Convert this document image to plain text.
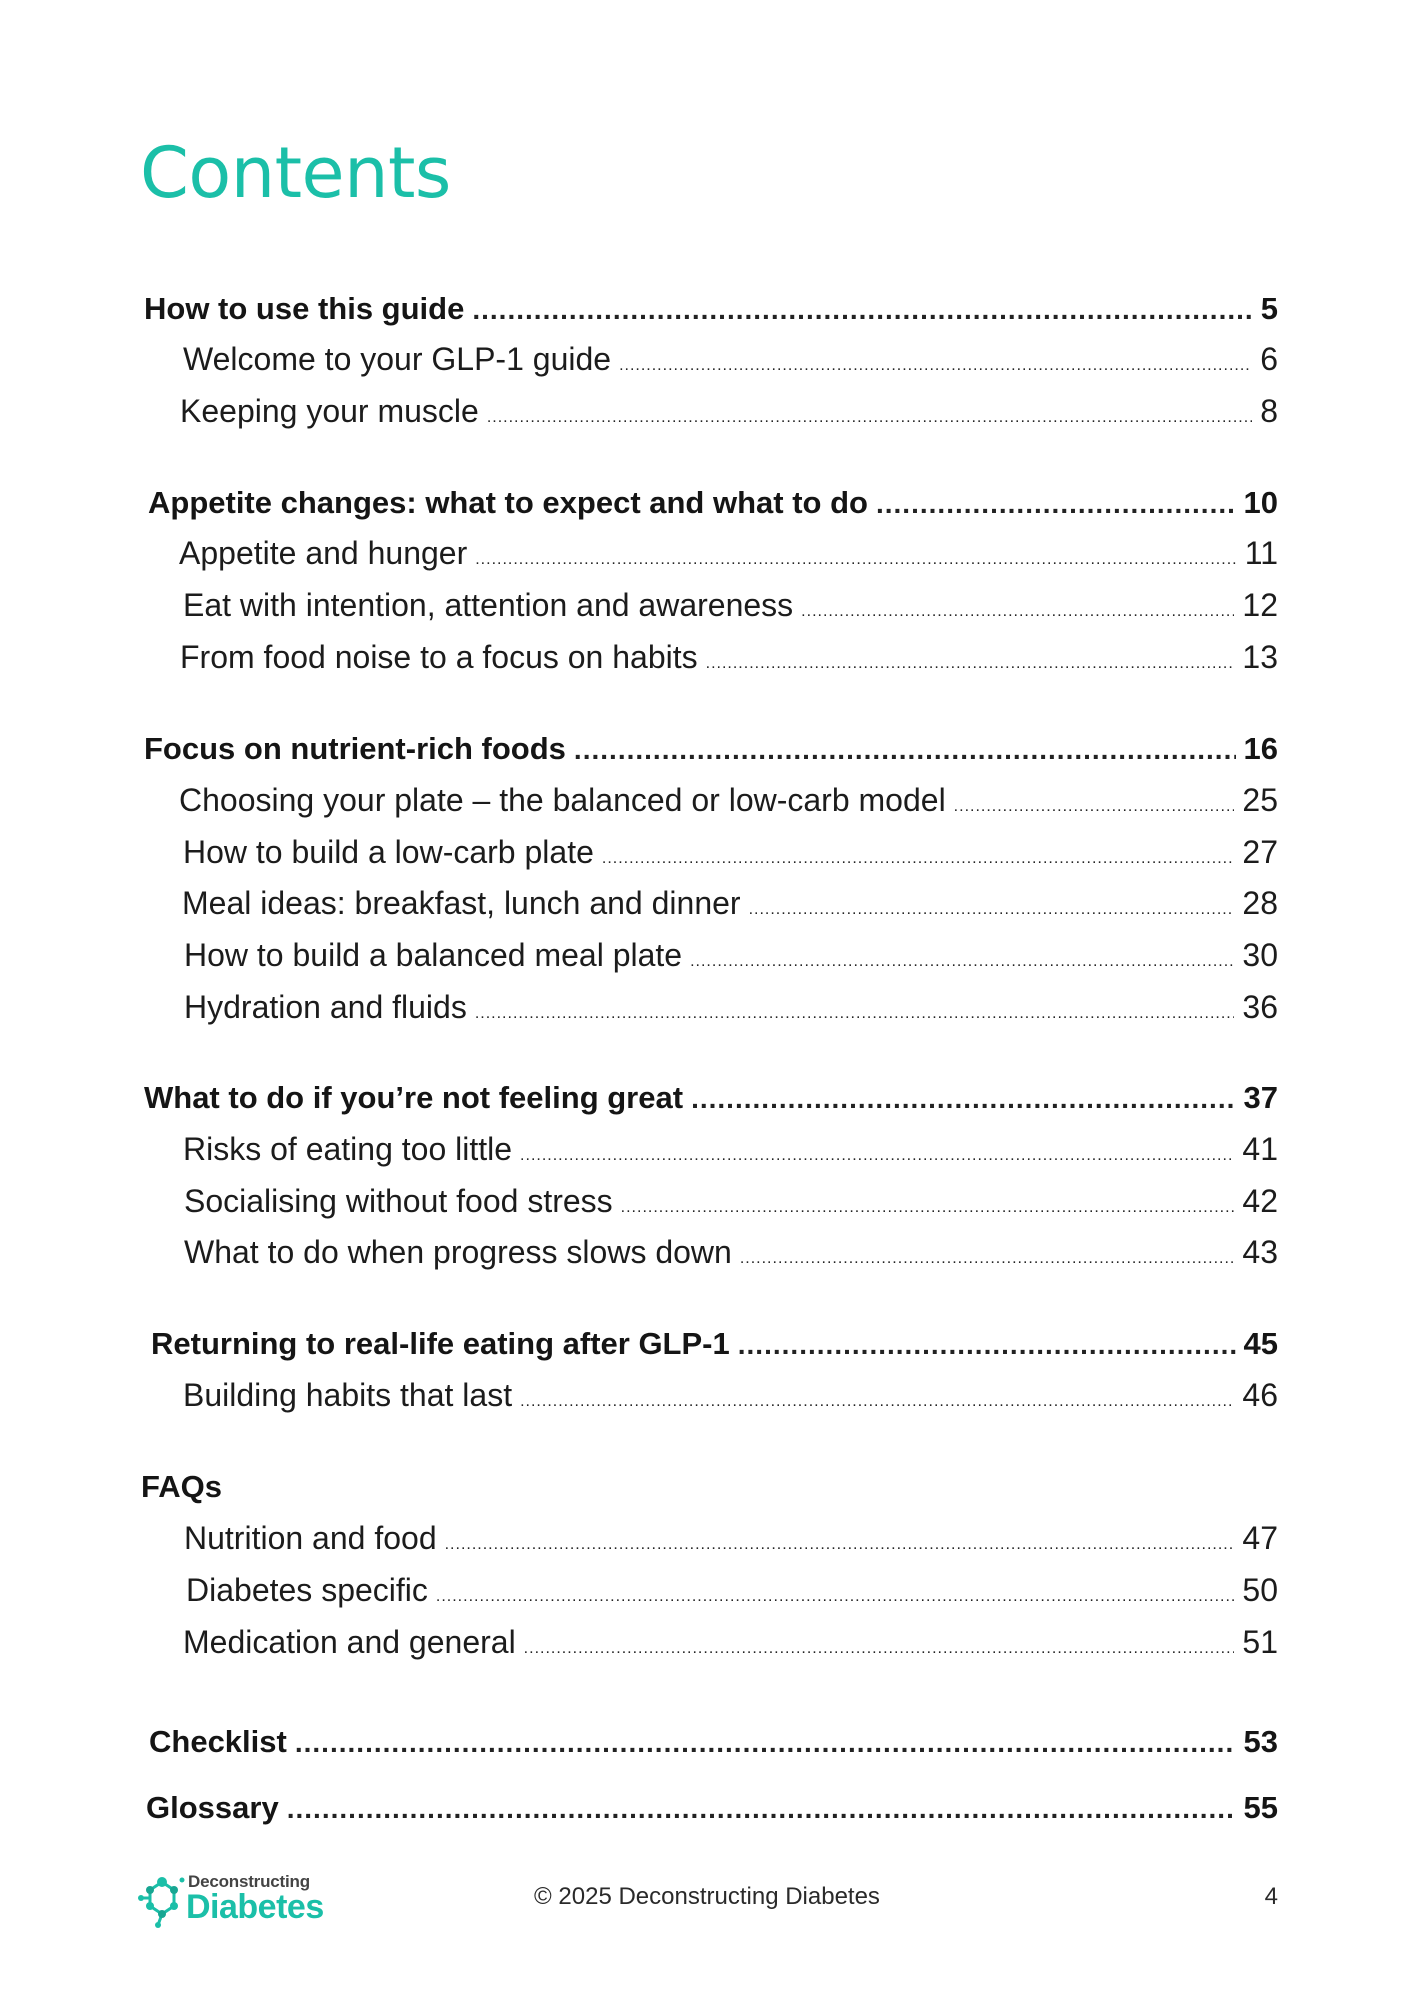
Contents
How to use this guide .....	5
Welcome to your GLP-1 guide .....	6
Keeping your muscle .....	8
Appetite changes: what to expect and what to do .....	10
Appetite and hunger .....	11
Eat with intention, attention and awareness .....	12
From food noise to a focus on habits .....	13
Focus on nutrient-rich foods .....	16
Choosing your plate – the balanced or low-carb model .....	25
How to build a low-carb plate .....	27
Meal ideas: breakfast, lunch and dinner .....	28
How to build a balanced meal plate .....	30
Hydration and fluids .....	36
What to do if you’re not feeling great .....	37
Risks of eating too little .....	41
Socialising without food stress .....	42
What to do when progress slows down .....	43
Returning to real-life eating after GLP-1 .....	45
Building habits that last .....	46
FAQs
Nutrition and food .....	47
Diabetes specific .....	50
Medication and general .....	51
Checklist .....	53
Glossary .....	55
Deconstructing
Diabetes	© 2025 Deconstructing Diabetes	4
